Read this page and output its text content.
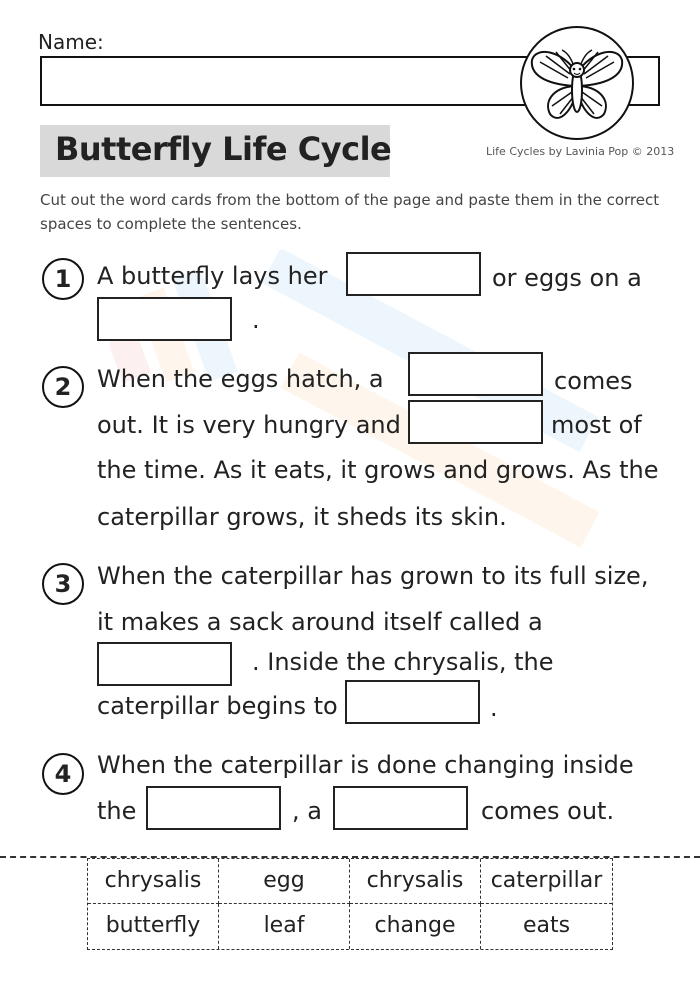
Name:
Butterfly Life Cycle	Life Cycles by Lavinia Pop © 2013
Cut out the word cards from the bottom of the page and paste them in the correct spaces to complete the sentences.
1	A butterfly lays her	or eggs on a
.
2	When the eggs hatch, a	comes
out. It is very hungry and	most of
the time. As it eats, it grows and grows. As the
caterpillar grows, it sheds its skin.
3	When the caterpillar has grown to its full size,
it makes a sack around itself called a
. Inside the chrysalis, the
caterpillar begins to	.
4	When the caterpillar is done changing inside
the	, a	comes out.
chrysalis	egg	chrysalis	caterpillar
butterfly	leaf	change	eats
